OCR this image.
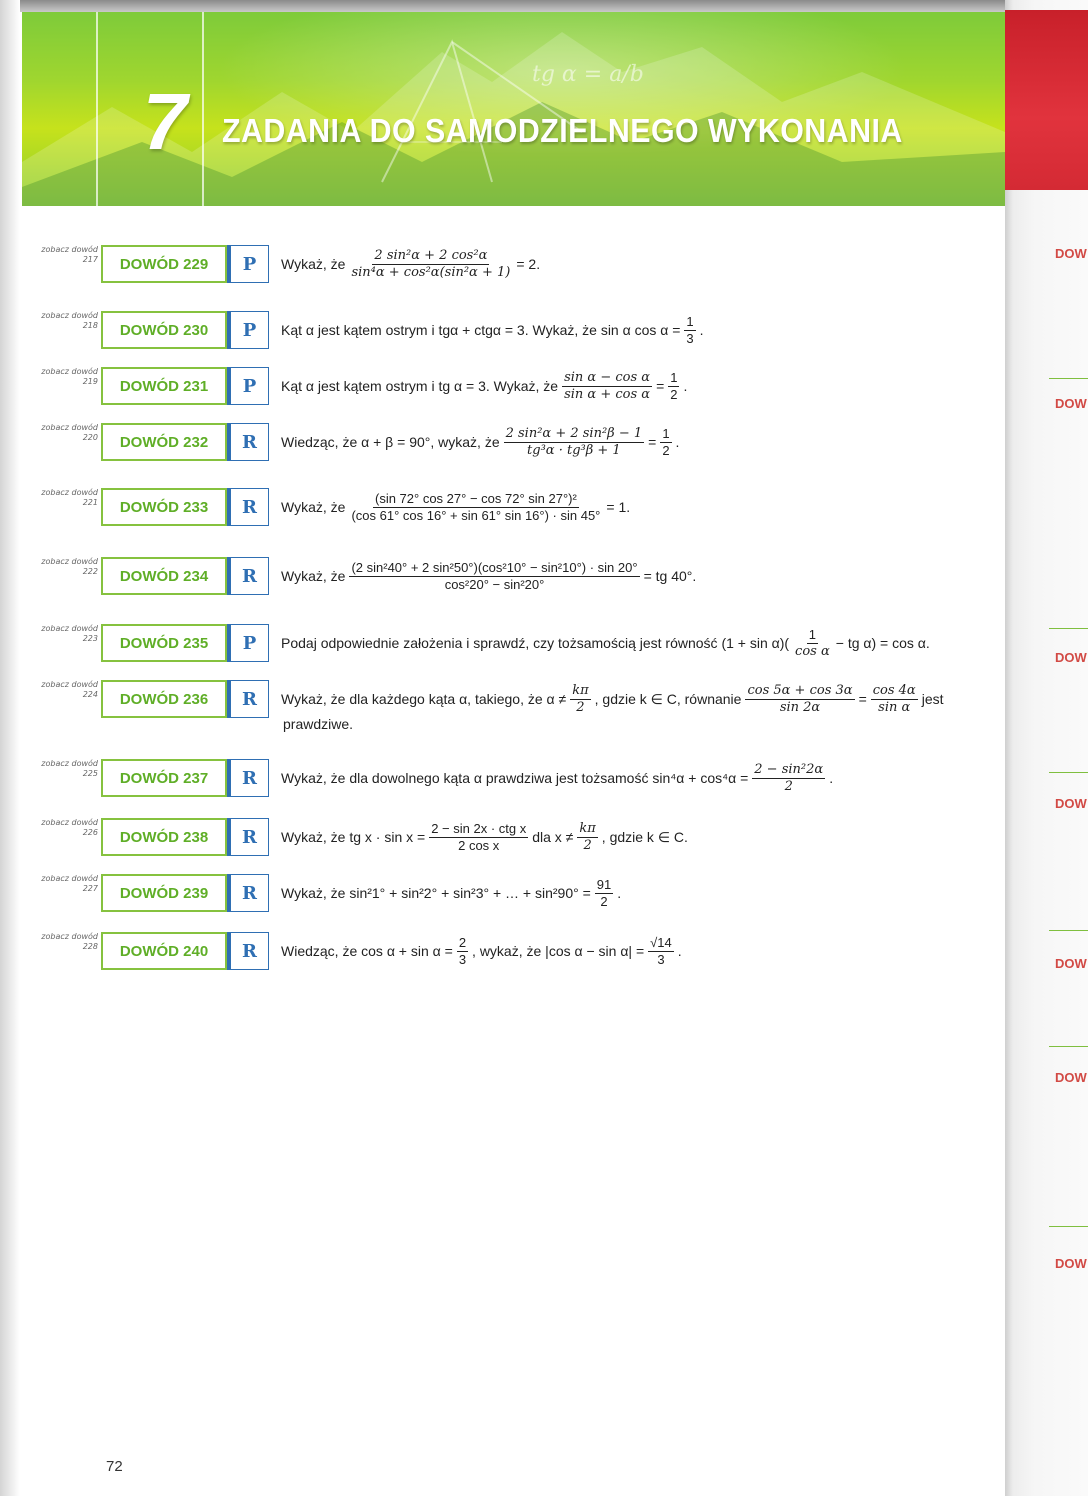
tg α = a/b
7	ZADANIA DO SAMODZIELNEGO WYKONANIA
DOW
DOW
DOW
DOW
DOW
DOW
DOW
zobacz dowód 217	DOWÓD 229	P	Wykaż, że $\frac{\text{2 sin²α + 2 cos²α}}{\text{sin⁴α + cos²α(sin²α + 1)}} = 2$.
zobacz dowód 218	DOWÓD 230	P	Kąt α jest kątem ostrym i tgα + ctgα = 3. Wykaż, że sin α $\cos \alpha = \frac{1}{3}$ .
zobacz dowód 219	DOWÓD 231	P	Kąt α jest kątem ostrym i tg α = 3. Wykaż, że $\frac{\text{sin α − cos α}}{\text{sin α + cos α}} = \frac{1}{2}$ .
zobacz dowód 220	DOWÓD 232	R	Wiedząc, że α + β = 90°, wykaż, że $\frac{\text{2 sin²α + 2 sin²β − 1}}{\text{tg³α · tg³β + 1}} = \frac{1}{2}$ .
zobacz dowód 221	DOWÓD 233	R	Wykaż, że $\frac{\text{(sin 72° cos 27° − cos 72° sin 27°)²}}{(\cos 61^\circ \cos 16^\circ + \sin 61^\circ \sin 16^\circ) \cdot \sin 45^\circ} = 1$.
zobacz dowód 222	DOWÓD 234	R	Wykaż, że $\frac{\text{(2 sin²40° + 2 sin²50°)(cos²10° − sin²10°) · sin 20°}}{\text{cos²20° − sin²20°}}$ = tg 40°.
zobacz dowód 223	DOWÓD 235	P	Podaj odpowiednie założenia i sprawdź, czy tożsamością jest równość $(1 + \sin \alpha)( \frac{1}{\text{cos α}}$ − tg α) = cos α.
zobacz dowód 224	DOWÓD 236	R	Wykaż, że dla każdego kąta α, takiego, że $\alpha \ne \frac{k\pi}{2}$ , gdzie k ∈ C, równanie $\frac{\cos 5\alpha + \cos 3\alpha}{\sin 2\alpha} = \frac{\cos 4\alpha}{\text{sin α}}$ jest
prawdziwe.
zobacz dowód 225	DOWÓD 237	R	Wykaż, że dla dowolnego kąta α prawdziwa jest tożsamość $\sin^4\alpha + \cos^4\alpha = \frac{\text{2 − sin²2α}}{2}$ .
zobacz dowód 226	DOWÓD 238	R	Wykaż, że tg $x \cdot \sin x = \frac{\text{2 − sin 2x · ctg x}}{\text{2 cos x}}$ dla $x \ne \frac{k\pi}{2}$ , gdzie k ∈ C.
zobacz dowód 227	DOWÓD 239	R	Wykaż, że sin²1° + sin²2° + sin²3° + … + $\sin^290^\circ = \frac{91}{2}$ .
zobacz dowód 228	DOWÓD 240	R	Wiedząc, że $\cos \alpha + \sin \alpha = \frac{2}{3}$ , wykaż, że |cos $\alpha - \sin \alpha| = \frac{√14}{3}$ .
72
